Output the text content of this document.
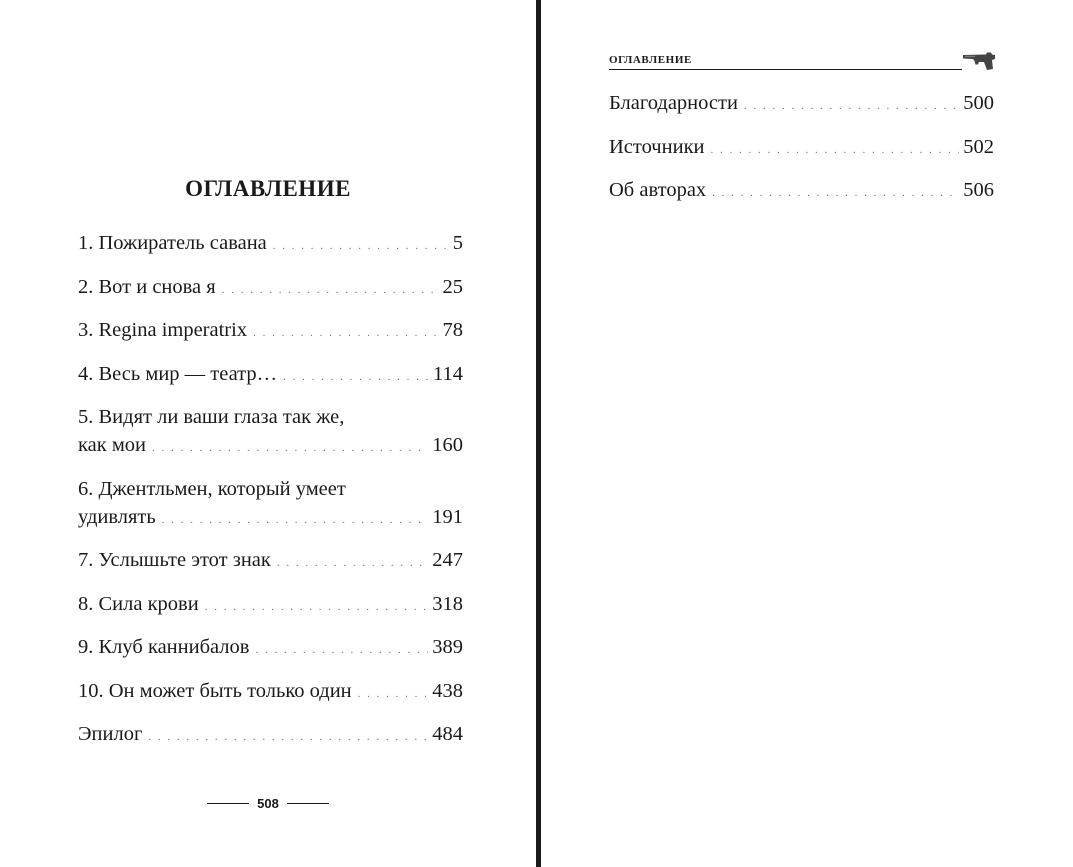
ОГЛАВЛЕНИЕ
1. Пожиратель савана . . .	5
2. Вот и снова я . . .	25
3. Regina imperatrix . . .	78
4. Весь мир — театр… . . .	114
5. Видят ли ваши глаза так же,
как мои . . .	160
6. Джентльмен, который умеет
удивлять . . .	191
7. Услышьте этот знак . . .	247
8. Сила крови . . .	318
9. Клуб каннибалов . . .	389
10. Он может быть только один . . .	438
Эпилог . . .	484
508
ОГЛАВЛЕНИЕ
Благодарности . . .	500
Источники . . .	502
Об авторах . . .	506
